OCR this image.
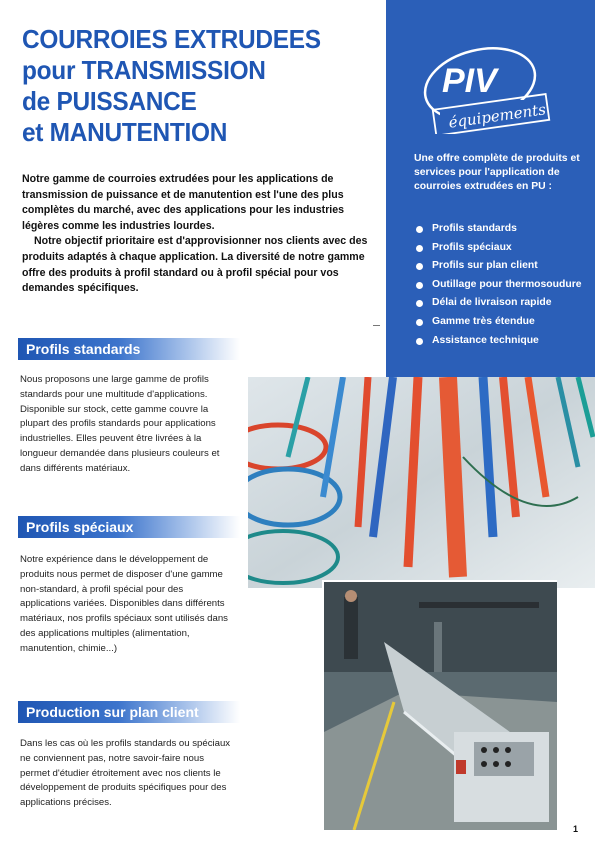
COURROIES EXTRUDEES
pour TRANSMISSION
de PUISSANCE
et MANUTENTION

Notre gamme de courroies extrudées pour les applications de transmission de puissance et de manutention est l'une des plus complètes du marché, avec des applications pour les industries légères comme les industries lourdes.

Notre objectif prioritaire est d'approvisionner nos clients avec des produits adaptés à chaque application. La diversité de notre gamme offre des produits à profil standard ou à profil spécial pour vos demandes spécifiques.

PIV
équipements

Une offre complète de produits et services pour l'application de courroies extrudées en PU :

Profils standards
Profils spéciaux
Profils sur plan client
Outillage pour thermosoudure
Délai de livraison rapide
Gamme très étendue
Assistance technique
Profils standards

Nous proposons une large gamme de profils standards pour une multitude d'applications. Disponible sur stock, cette gamme couvre la plupart des profils standards pour applications industrielles. Elles peuvent être livrées à la longueur demandée dans plusieurs couleurs et dans différents matériaux.

Profils spéciaux

Notre expérience dans le développement de produits nous permet de disposer d'une gamme non-standard, à profil spécial pour des applications variées. Disponibles dans différents matériaux, nos profils spéciaux sont utilisés dans des applications multiples (alimentation, manutention, chimie...)

Production sur plan client

Dans les cas où les profils standards ou spéciaux ne conviennent pas, notre savoir-faire nous permet d'étudier étroitement avec nos clients le développement de produits spécifiques pour des applications précises.

1
